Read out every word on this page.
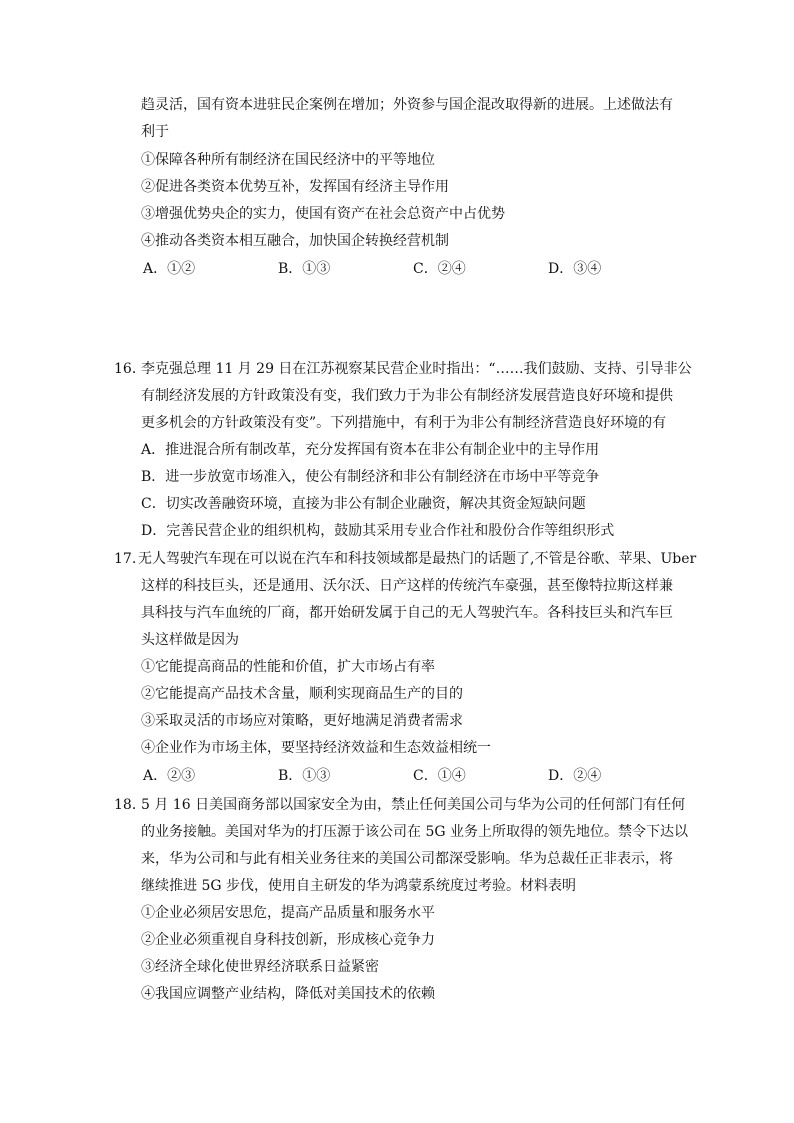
趋灵活，国有资本进驻民企案例在增加；外资参与国企混改取得新的进展。上述做法有
利于
①保障各种所有制经济在国民经济中的平等地位
②促进各类资本优势互补，发挥国有经济主导作用
③增强优势央企的实力，使国有资产在社会总资产中占优势
④推动各类资本相互融合，加快国企转换经营机制
A．①②	B．①③	C．②④	D．③④
16．
李克强总理 11 月 29 日在江苏视察某民营企业时指出：“……我们鼓励、支持、引导非公
有制经济发展的方针政策没有变，我们致力于为非公有制经济发展营造良好环境和提供
更多机会的方针政策没有变”。下列措施中，有利于为非公有制经济营造良好环境的有
A．推进混合所有制改革，充分发挥国有资本在非公有制企业中的主导作用
B．进一步放宽市场准入，使公有制经济和非公有制经济在市场中平等竞争
C．切实改善融资环境，直接为非公有制企业融资，解决其资金短缺问题
D．完善民营企业的组织机构，鼓励其采用专业合作社和股份合作等组织形式
17. 无人驾驶汽车现在可以说在汽车和科技领域都是最热门的话题了,不管是谷歌、苹果、Uber
这样的科技巨头，还是通用、沃尔沃、日产这样的传统汽车豪强，甚至像特拉斯这样兼
具科技与汽车血统的厂商，都开始研发属于自己的无人驾驶汽车。各科技巨头和汽车巨
头这样做是因为
①它能提高商品的性能和价值，扩大市场占有率
②它能提高产品技术含量，顺利实现商品生产的目的
③采取灵活的市场应对策略，更好地满足消费者需求
④企业作为市场主体，要坚持经济效益和生态效益相统一
A．②③	B．①③	C．①④	D．②④
18．
5 月 16 日美国商务部以国家安全为由，禁止任何美国公司与华为公司的任何部门有任何
的业务接触。美国对华为的打压源于该公司在 5G 业务上所取得的领先地位。禁令下达以
来，华为公司和与此有相关业务往来的美国公司都深受影响。华为总裁任正非表示，将
继续推进 5G 步伐，使用自主研发的华为鸿蒙系统度过考验。材料表明
①企业必须居安思危，提高产品质量和服务水平
②企业必须重视自身科技创新，形成核心竞争力
③经济全球化使世界经济联系日益紧密
④我国应调整产业结构，降低对美国技术的依赖
